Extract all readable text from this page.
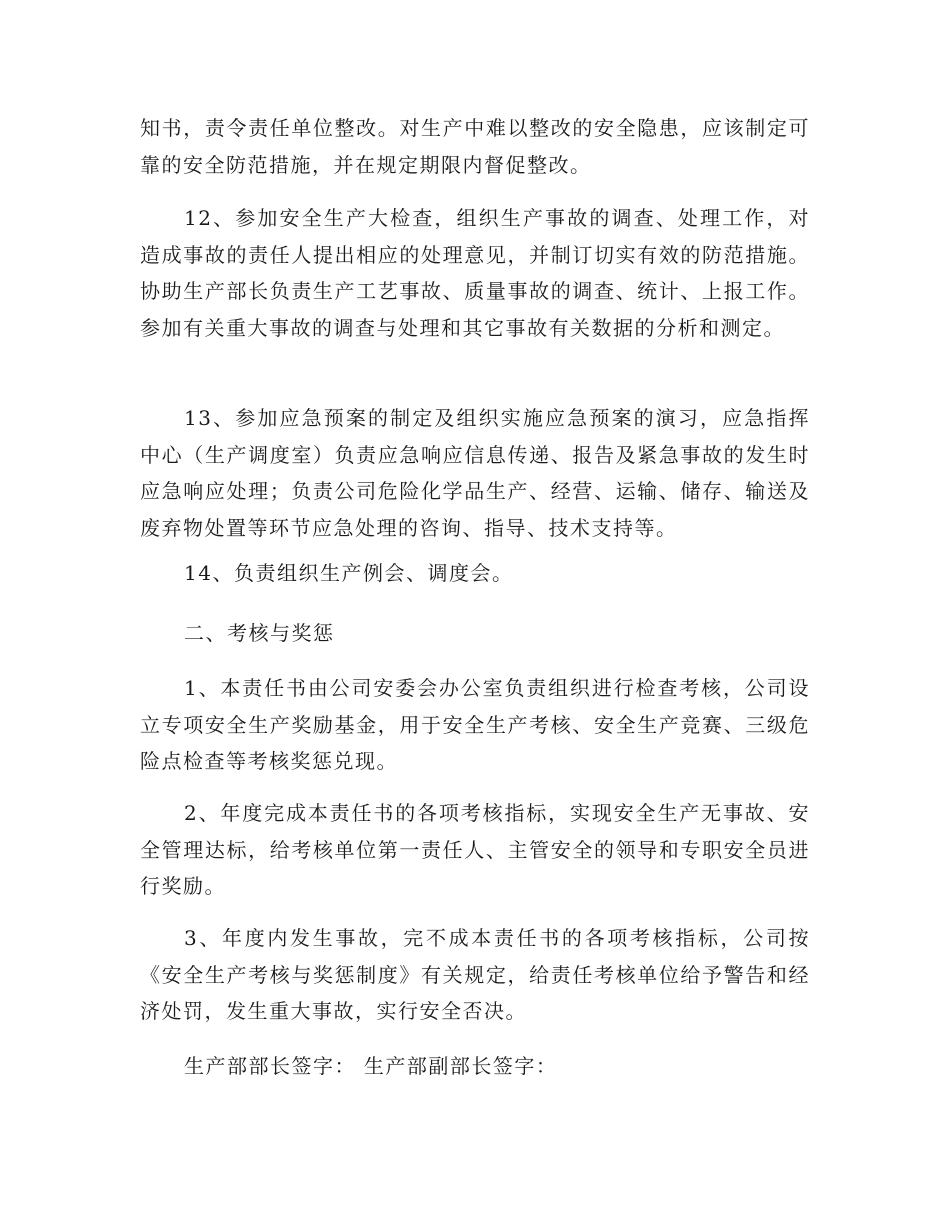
知书，责令责任单位整改。对生产中难以整改的安全隐患，应该制定可靠的安全防范措施，并在规定期限内督促整改。

12、参加安全生产大检查，组织生产事故的调查、处理工作，对造成事故的责任人提出相应的处理意见，并制订切实有效的防范措施。协助生产部长负责生产工艺事故、质量事故的调查、统计、上报工作。参加有关重大事故的调查与处理和其它事故有关数据的分析和测定。

13、参加应急预案的制定及组织实施应急预案的演习，应急指挥中心（生产调度室）负责应急响应信息传递、报告及紧急事故的发生时应急响应处理；负责公司危险化学品生产、经营、运输、储存、输送及废弃物处置等环节应急处理的咨询、指导、技术支持等。

14、负责组织生产例会、调度会。

二、考核与奖惩

1、本责任书由公司安委会办公室负责组织进行检查考核，公司设立专项安全生产奖励基金，用于安全生产考核、安全生产竞赛、三级危险点检查等考核奖惩兑现。

2、年度完成本责任书的各项考核指标，实现安全生产无事故、安全管理达标，给考核单位第一责任人、主管安全的领导和专职安全员进行奖励。

3、年度内发生事故，完不成本责任书的各项考核指标，公司按《安全生产考核与奖惩制度》有关规定，给责任考核单位给予警告和经济处罚，发生重大事故，实行安全否决。

生产部部长签字： 生产部副部长签字：
